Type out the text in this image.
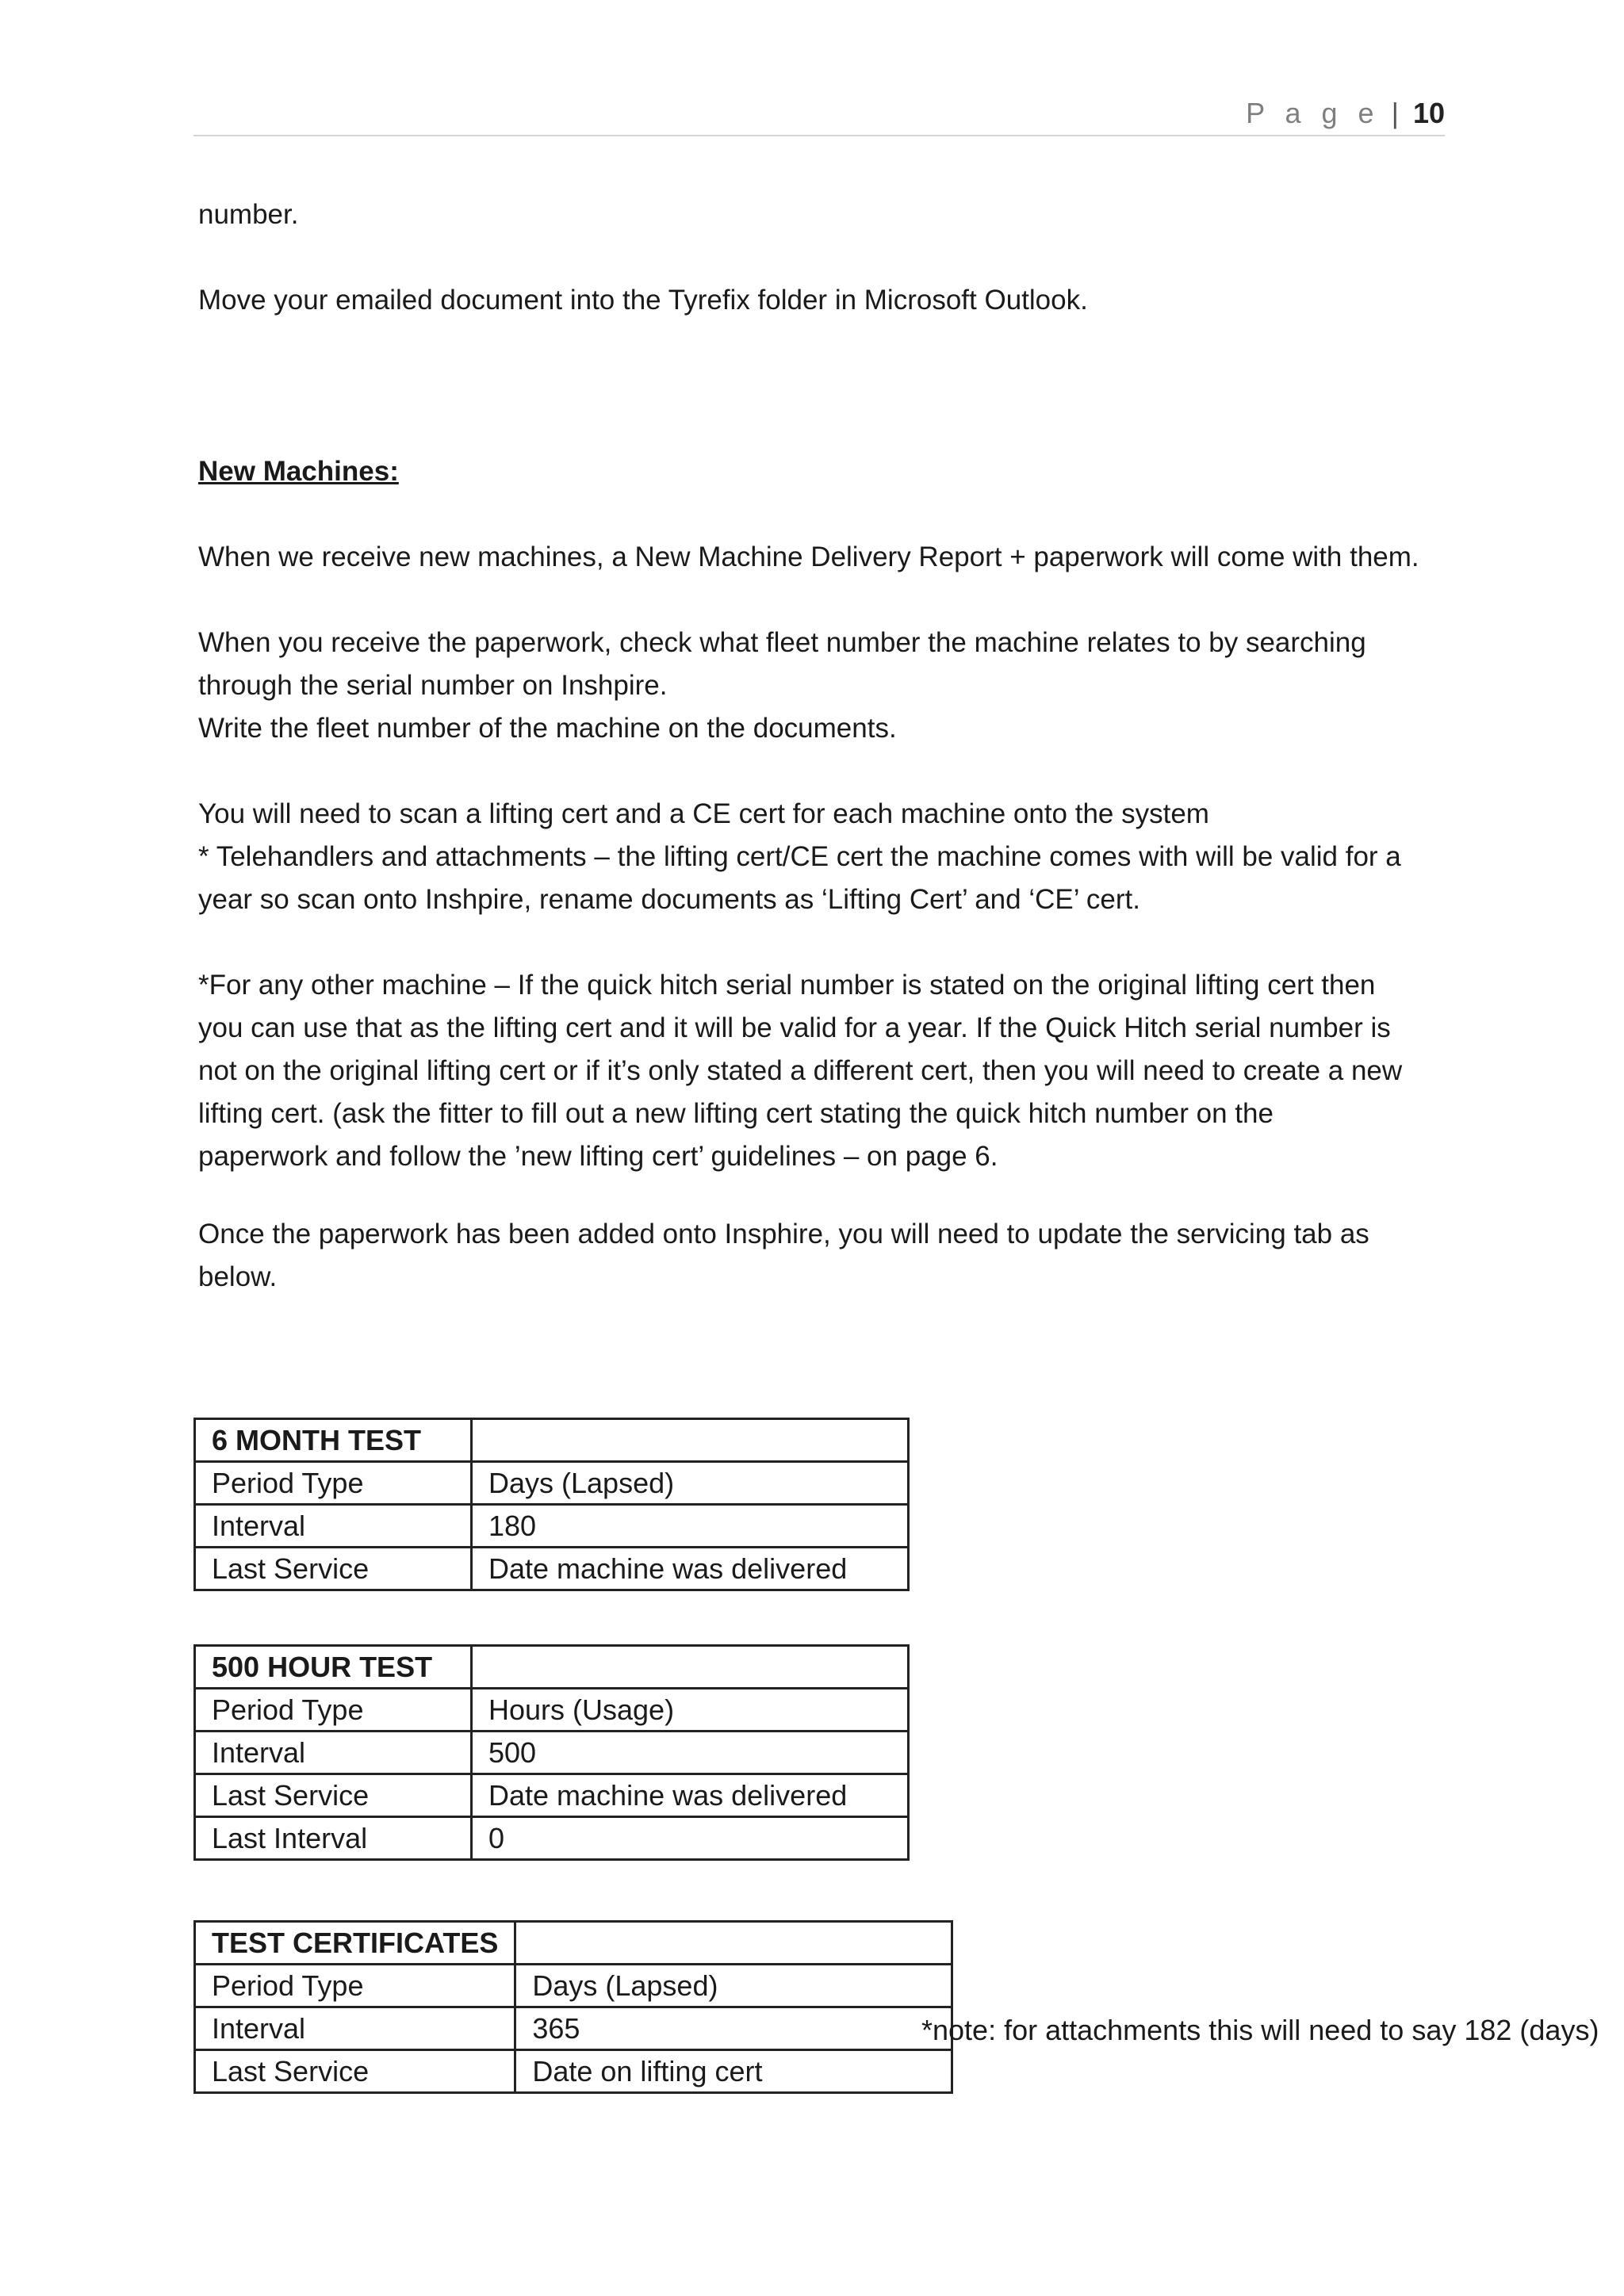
P a g e | 10

number.

Move your emailed document into the Tyrefix folder in Microsoft Outlook.

New Machines:

When we receive new machines, a New Machine Delivery Report + paperwork will come with them.

When you receive the paperwork, check what fleet number the machine relates to by searching

through the serial number on Inshpire.

Write the fleet number of the machine on the documents.

You will need to scan a lifting cert and a CE cert for each machine onto the system

* Telehandlers and attachments – the lifting cert/CE cert the machine comes with will be valid for a

year so scan onto Inshpire, rename documents as ‘Lifting Cert’ and ‘CE’ cert.

*For any other machine – If the quick hitch serial number is stated on the original lifting cert then

you can use that as the lifting cert and it will be valid for a year. If the Quick Hitch serial number is

not on the original lifting cert or if it’s only stated a different cert, then you will need to create a new

lifting cert. (ask the fitter to fill out a new lifting cert stating the quick hitch number on the

paperwork and follow the ’new lifting cert’ guidelines – on page 6.

Once the paperwork has been added onto Insphire, you will need to update the servicing tab as

below.

6 MONTH TEST	
Period Type	Days (Lapsed)
Interval	180
Last Service	Date machine was delivered
500 HOUR TEST	
Period Type	Hours (Usage)
Interval	500
Last Service	Date machine was delivered
Last Interval	0
TEST CERTIFICATES	
Period Type	Days (Lapsed)
Interval	365
Last Service	Date on lifting cert
*note: for attachments this will need to say 182 (days)
